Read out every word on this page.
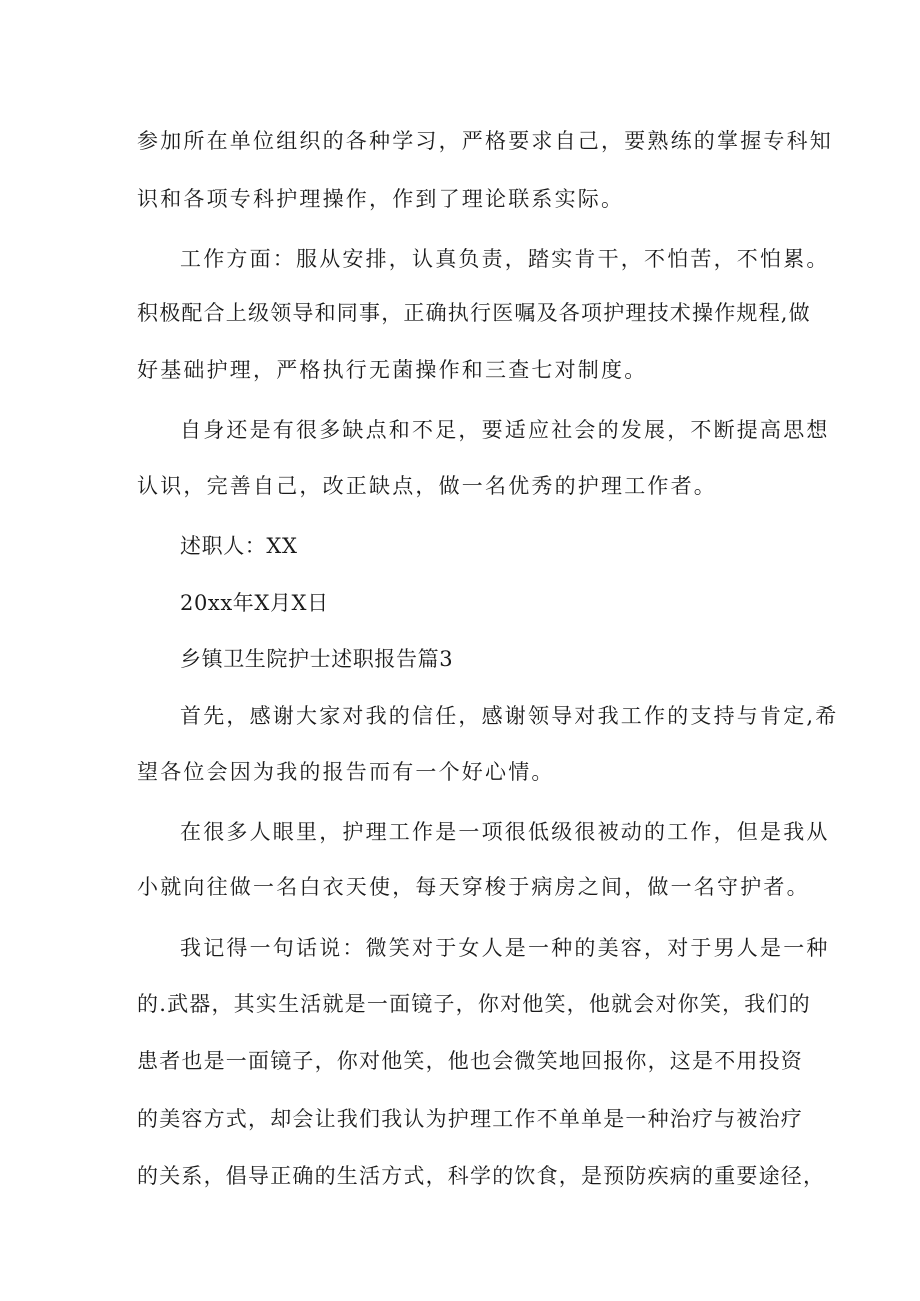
参加所在单位组织的各种学习，严格要求自己，要熟练的掌握专科知
识和各项专科护理操作，作到了理论联系实际。
工作方面：服从安排，认真负责，踏实肯干，不怕苦，不怕累。
积极配合上级领导和同事，正确执行医嘱及各项护理技术操作规程,做
好基础护理，严格执行无菌操作和三查七对制度。
自身还是有很多缺点和不足，要适应社会的发展，不断提高思想
认识，完善自己，改正缺点，做一名优秀的护理工作者。
述职人：XX
20xx年X月X日
乡镇卫生院护士述职报告篇3
首先，感谢大家对我的信任，感谢领导对我工作的支持与肯定,希
望各位会因为我的报告而有一个好心情。
在很多人眼里，护理工作是一项很低级很被动的工作，但是我从
小就向往做一名白衣天使，每天穿梭于病房之间，做一名守护者。
我记得一句话说：微笑对于女人是一种的美容，对于男人是一种
的.武器，其实生活就是一面镜子，你对他笑，他就会对你笑，我们的
患者也是一面镜子，你对他笑，他也会微笑地回报你，这是不用投资
的美容方式，却会让我们我认为护理工作不单单是一种治疗与被治疗
的关系，倡导正确的生活方式，科学的饮食，是预防疾病的重要途径，
